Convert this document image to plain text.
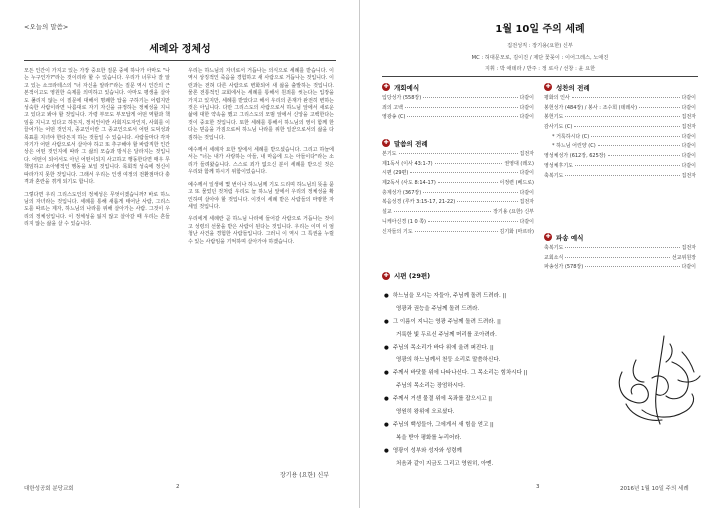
<오늘의 말씀>
세례와 정체성

모든 인간이 가지고 있는 가장 중요한 질문 중에 하나가 아마도 "나는 누구인가?"라는 것이리라 할 수 있습니다. 우리가 너무나 잘 알고 있는 소크라테스의 "너 자신을 알라!"라는 질문 역시 인간의 근본적이고도 영원한 숙제를 의미하고 있습니다. 아마도 평생을 살아도 풀리지 않는 이 질문에 대해서 명쾌한 답을 구하기는 어렵지만 성숙한 사람이라면 나름대로 자기 자신을 규정하는 정체성을 지니고 있다고 봐야 할 것입니다. 가령 부모도 부모답게 어떤 역할과 책임을 지니고 있다고 하든지, 정치인이란 사회지도자인지, 사회를 이끌어가는 어떤 것인지, 종교인이란 그 종교인으로서 어떤 도덕성과 목표를 지녀야 한다든지 하는 것들일 수 있습니다. 사람들마다 각자 자기가 어떤 사람으로서 살아야 하고 또 추구해야 할 바람직한 인간상은 어떤 것인지에 따라 그 삶의 모습과 방식은 달라지는 것입니다. 어떤이 되어서도 아닌 어떤이되지 사고하고 행동한다면 매우 무책임하고 소아병적인 행동을 보일 것입니다. 목회적 성숙에 정신이 따라가지 못한 것입니다. 그래서 우리는 인생 여정의 전환점마다 충격과 혼란을 겪게 되기도 합니다.

그렇다면 우리 그리스도인의 정체성은 무엇이겠습니까? 바로 하느님의 자녀라는 것입니다. 세례를 통해 새롭게 태어난 사람, 그리스도를 따르는 제자, 하느님의 나라를 위해 살아가는 사람. 그것이 우리의 정체성입니다. 이 정체성을 잃지 않고 살아갈 때 우리는 흔들리지 않는 삶을 살 수 있습니다.

우리는 하느님의 자녀로서 거듭나는 의식으로 세례를 받습니다. 이 역시 상징적인 죽음을 경험하고 새 사람으로 거듭나는 것입니다. 이런과는 전혀 다른 사람으로 변화되어 새 삶을 출발하는 것입니다. 물론 전통적인 교회에서는 세례를 통해서 원죄를 씻는다는 입장을 가지고 있지만, 세례를 받았다고 해서 우리의 존재가 완전히 변하는 것은 아닙니다. 다만 그리스도의 사람으로서 하느님 앞에서 새로운 삶에 대한 약속을 했고 그리스도의 모범 앞에서 신앙을 고백한다는 것이 중요한 것입니다. 또한 세례를 통해서 하느님의 영이 함께 한다는 믿음을 가짐으로써 하느님 나라를 위한 일꾼으로서의 삶을 다짐하는 것입니다.

예수께서 세례자 요한 앞에서 세례를 받으셨습니다. 그리고 하늘에서는 "너는 내가 사랑하는 아들, 내 마음에 드는 아들이다"라는 소리가 들려왔습니다. 스스로 죄가 없으신 분이 세례를 받으신 것은 우리와 함께 하시기 위함이었습니다.

예수께서 일생에 몇 번이나 하느님께 기도 드리며 하느님의 뜻을 묻고 또 물었던 것처럼 우리도 늘 하느님 앞에서 우리의 정체성을 확인하며 살아야 할 것입니다. 이것이 세례 받은 사람들의 마땅한 자세일 것입니다.

우리에게 세례란 곧 하느님 나라에 들어갈 사람으로 거듭나는 것이고 성령의 선물을 받은 사람이 된다는 것입니다. 우리는 이미 이 엄청난 사건을 경험한 사람들입니다. 그러니 이 역시 그 특권을 누릴 수 있는 사람임을 기억하며 살아가야 하겠습니다.

장기용 (요한) 신부
대한성공회 분당교회	2
1월 10일 주의 세례
집전성직 : 장기용(요한) 신부
MC : 허대문모로, 김이진 / 제단 꽃꽂이 : 이어그레스, 노애진
지휘 : 박 애데라 / 반주 : 정 로사 / 선창 : 윤 요한
✚ 개회예식
입당성가 (558장)	다같이
죄의 고백	다같이
영광송 (C)	다같이
✚ 말씀의 전례
본기도	집전자
제1독서 (이사 43:1-7)	권영대 (레오)
시편 (29편)	다같이
제2독서 (사도 8:14-17)	이정련 (베드로)
층계성가 (367장)	다같이
복음성경 (루카 3:15-17, 21-22)	집전자
설교	장기용 (요한) 신부
니케아신경 (1 0 쪽)	다같이
신자들의 기도	김기화 (마르타)
✚ 성찬의 전례
평화의 인사	다같이
봉헌성가 (484장) / 봉사 : 조수희 (데레사)	다같이
봉헌기도	집전자
감사기도 (C)	집전자
* 거룩하시다 (C)	다같이
* 하느님 어린양 (C)	다같이
영성체성가 (612장, 625장)	다같이
영성체후기도	다같이
축복기도	집전자
✚ 파송 예식
축복기도	집전자
교회소식	선교위원장
파송성가 (578장)	다같이
✚ 시편 (29편)
● 하느님을 모시는 자들아, 주님께 돌려 드려라. ||
영광과 권능을 주님께 돌려 드려라.
● 그 이름이 지니는 영광 주님께 돌려 드려라. ||
거룩한 빛 두르신 주님께 머리를 조아려라.
● 주님의 목소리가 바다 위에 울려 퍼진다. ||
영광의 하느님께서 천둥 소리로 말씀하신다.
● 주께서 바닷물 위에 나타나신다. 그 목소리는 힘차시다 ||
주님의 목소리는 장엄하시다.
● 주께서 거센 물결 위에 옥좌를 잡으시고 ||
영원히 왕위에 오르셨다.
● 주님의 백성들아, 그에게서 새 힘을 얻고 ||
복을 받아 평화를 누리어라.
● 영광이 성부와 성자와 성령께
처음과 같이 지금도 그리고 영원히, 아멘.
3	2016년 1월 10일 주의 세례
